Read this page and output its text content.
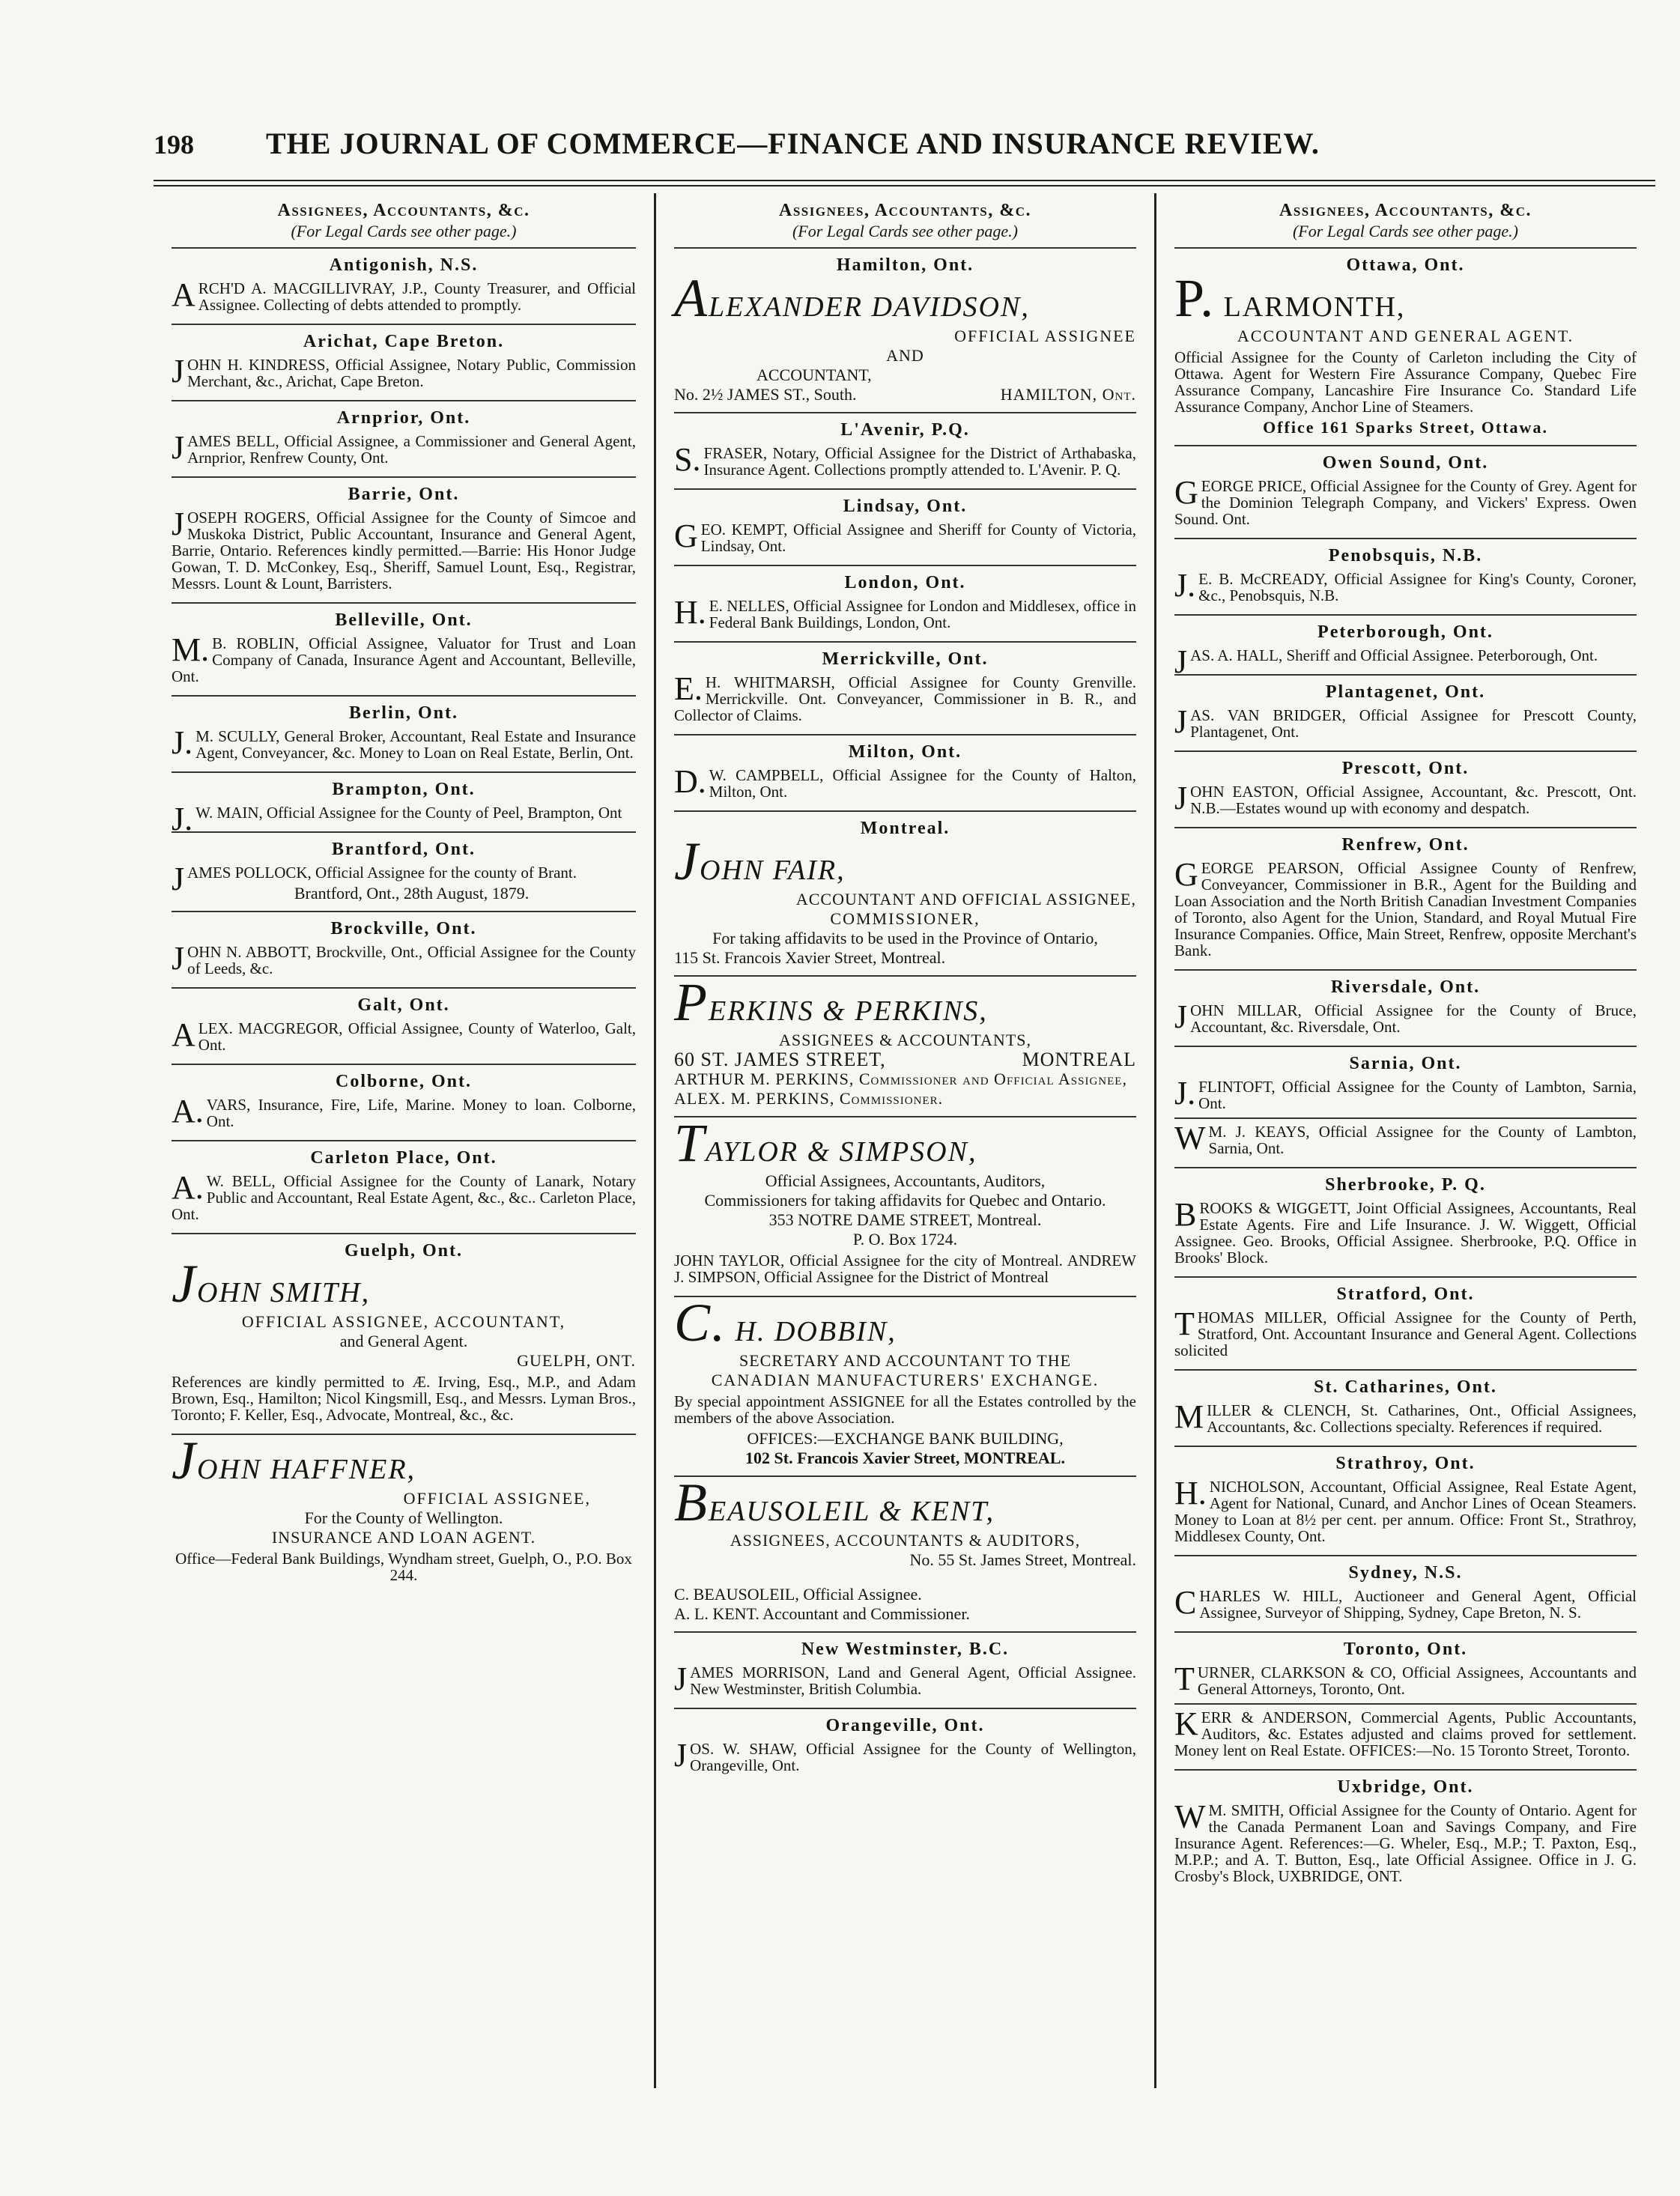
198	THE JOURNAL OF COMMERCE—FINANCE AND INSURANCE REVIEW.
Assignees, Accountants, &c.
(For Legal Cards see other page.)
Antigonish, N.S.
ARCH'D A. MACGILLIVRAY, J.P., County Treasurer, and Official Assignee. Collecting of debts attended to promptly.
Arichat, Cape Breton.
JOHN H. KINDRESS, Official Assignee, Notary Public, Commission Merchant, &c., Arichat, Cape Breton.
Arnprior, Ont.
JAMES BELL, Official Assignee, a Commissioner and General Agent, Arnprior, Renfrew County, Ont.
Barrie, Ont.
JOSEPH ROGERS, Official Assignee for the County of Simcoe and Muskoka District, Public Accountant, Insurance and General Agent, Barrie, Ontario. References kindly permitted.—Barrie: His Honor Judge Gowan, T. D. McConkey, Esq., Sheriff, Samuel Lount, Esq., Registrar, Messrs. Lount & Lount, Barristers.
Belleville, Ont.
M.B. ROBLIN, Official Assignee, Valuator for Trust and Loan Company of Canada, Insurance Agent and Accountant, Belleville, Ont.
Berlin, Ont.
J.M. SCULLY, General Broker, Accountant, Real Estate and Insurance Agent, Conveyancer, &c. Money to Loan on Real Estate, Berlin, Ont.
Brampton, Ont.
J.W. MAIN, Official Assignee for the County of Peel, Brampton, Ont
Brantford, Ont.
JAMES POLLOCK, Official Assignee for the county of Brant.
Brantford, Ont., 28th August, 1879.
Brockville, Ont.
JOHN N. ABBOTT, Brockville, Ont., Official Assignee for the County of Leeds, &c.
Galt, Ont.
ALEX. MACGREGOR, Official Assignee, County of Waterloo, Galt, Ont.
Colborne, Ont.
A.VARS, Insurance, Fire, Life, Marine. Money to loan. Colborne, Ont.
Carleton Place, Ont.
A.W. BELL, Official Assignee for the County of Lanark, Notary Public and Accountant, Real Estate Agent, &c., &c.. Carleton Place, Ont.
Guelph, Ont.
JOHN SMITH,
OFFICIAL ASSIGNEE, ACCOUNTANT,
and General Agent.
GUELPH, ONT.
References are kindly permitted to Æ. Irving, Esq., M.P., and Adam Brown, Esq., Hamilton; Nicol Kingsmill, Esq., and Messrs. Lyman Bros., Toronto; F. Keller, Esq., Advocate, Montreal, &c., &c.
JOHN HAFFNER,
OFFICIAL ASSIGNEE,
For the County of Wellington.
INSURANCE AND LOAN AGENT.
Office—Federal Bank Buildings, Wyndham street, Guelph, O., P.O. Box 244.
Assignees, Accountants, &c.
(For Legal Cards see other page.)
Hamilton, Ont.
ALEXANDER DAVIDSON,
OFFICIAL ASSIGNEE
AND
ACCOUNTANT,
No. 2½ JAMES ST., South.	HAMILTON, Ont.
L'Avenir, P.Q.
S.FRASER, Notary, Official Assignee for the District of Arthabaska, Insurance Agent. Collections promptly attended to. L'Avenir. P. Q.
Lindsay, Ont.
GEO. KEMPT, Official Assignee and Sheriff for County of Victoria, Lindsay, Ont.
London, Ont.
H.E. NELLES, Official Assignee for London and Middlesex, office in Federal Bank Buildings, London, Ont.
Merrickville, Ont.
E.H. WHITMARSH, Official Assignee for County Grenville. Merrickville. Ont. Conveyancer, Commissioner in B. R., and Collector of Claims.
Milton, Ont.
D.W. CAMPBELL, Official Assignee for the County of Halton, Milton, Ont.
Montreal.
JOHN FAIR,
ACCOUNTANT AND OFFICIAL ASSIGNEE,
COMMISSIONER,
For taking affidavits to be used in the Province of Ontario,
115 St. Francois Xavier Street, Montreal.
PERKINS & PERKINS,
ASSIGNEES & ACCOUNTANTS,
60 ST. JAMES STREET,	MONTREAL
ARTHUR M. PERKINS, Commissioner and Official Assignee,
ALEX. M. PERKINS, Commissioner.
TAYLOR & SIMPSON,
Official Assignees, Accountants, Auditors,
Commissioners for taking affidavits for Quebec and Ontario.
353 NOTRE DAME STREET, Montreal.
P. O. Box 1724.
JOHN TAYLOR, Official Assignee for the city of Montreal. ANDREW J. SIMPSON, Official Assignee for the District of Montreal
C. H. DOBBIN,
SECRETARY AND ACCOUNTANT TO THE
CANADIAN MANUFACTURERS' EXCHANGE.
By special appointment ASSIGNEE for all the Estates controlled by the members of the above Association.
OFFICES:—EXCHANGE BANK BUILDING,
102 St. Francois Xavier Street, MONTREAL.
BEAUSOLEIL & KENT,
ASSIGNEES, ACCOUNTANTS & AUDITORS,
No. 55 St. James Street, Montreal.
C. BEAUSOLEIL, Official Assignee.
A. L. KENT. Accountant and Commissioner.
New Westminster, B.C.
JAMES MORRISON, Land and General Agent, Official Assignee. New Westminster, British Columbia.
Orangeville, Ont.
JOS. W. SHAW, Official Assignee for the County of Wellington, Orangeville, Ont.
Assignees, Accountants, &c.
(For Legal Cards see other page.)
Ottawa, Ont.
P. LARMONTH,
ACCOUNTANT AND GENERAL AGENT.
Official Assignee for the County of Carleton including the City of Ottawa. Agent for Western Fire Assurance Company, Quebec Fire Assurance Company, Lancashire Fire Insurance Co. Standard Life Assurance Company, Anchor Line of Steamers.
Office 161 Sparks Street, Ottawa.
Owen Sound, Ont.
GEORGE PRICE, Official Assignee for the County of Grey. Agent for the Dominion Telegraph Company, and Vickers' Express. Owen Sound. Ont.
Penobsquis, N.B.
J.E. B. McCREADY, Official Assignee for King's County, Coroner, &c., Penobsquis, N.B.
Peterborough, Ont.
JAS. A. HALL, Sheriff and Official Assignee. Peterborough, Ont.
Plantagenet, Ont.
JAS. VAN BRIDGER, Official Assignee for Prescott County, Plantagenet, Ont.
Prescott, Ont.
JOHN EASTON, Official Assignee, Accountant, &c. Prescott, Ont. N.B.—Estates wound up with economy and despatch.
Renfrew, Ont.
GEORGE PEARSON, Official Assignee County of Renfrew, Conveyancer, Commissioner in B.R., Agent for the Building and Loan Association and the North British Canadian Investment Companies of Toronto, also Agent for the Union, Standard, and Royal Mutual Fire Insurance Companies. Office, Main Street, Renfrew, opposite Merchant's Bank.
Riversdale, Ont.
JOHN MILLAR, Official Assignee for the County of Bruce, Accountant, &c. Riversdale, Ont.
Sarnia, Ont.
J.FLINTOFT, Official Assignee for the County of Lambton, Sarnia, Ont.
WM. J. KEAYS, Official Assignee for the County of Lambton, Sarnia, Ont.
Sherbrooke, P. Q.
BROOKS & WIGGETT, Joint Official Assignees, Accountants, Real Estate Agents. Fire and Life Insurance. J. W. Wiggett, Official Assignee. Geo. Brooks, Official Assignee. Sherbrooke, P.Q. Office in Brooks' Block.
Stratford, Ont.
THOMAS MILLER, Official Assignee for the County of Perth, Stratford, Ont. Accountant Insurance and General Agent. Collections solicited
St. Catharines, Ont.
MILLER & CLENCH, St. Catharines, Ont., Official Assignees, Accountants, &c. Collections specialty. References if required.
Strathroy, Ont.
H.NICHOLSON, Accountant, Official Assignee, Real Estate Agent, Agent for National, Cunard, and Anchor Lines of Ocean Steamers. Money to Loan at 8½ per cent. per annum. Office: Front St., Strathroy, Middlesex County, Ont.
Sydney, N.S.
CHARLES W. HILL, Auctioneer and General Agent, Official Assignee, Surveyor of Shipping, Sydney, Cape Breton, N. S.
Toronto, Ont.
TURNER, CLARKSON & CO, Official Assignees, Accountants and General Attorneys, Toronto, Ont.
KERR & ANDERSON, Commercial Agents, Public Accountants, Auditors, &c. Estates adjusted and claims proved for settlement. Money lent on Real Estate. OFFICES:—No. 15 Toronto Street, Toronto.
Uxbridge, Ont.
WM. SMITH, Official Assignee for the County of Ontario. Agent for the Canada Permanent Loan and Savings Company, and Fire Insurance Agent. References:—G. Wheler, Esq., M.P.; T. Paxton, Esq., M.P.P.; and A. T. Button, Esq., late Official Assignee. Office in J. G. Crosby's Block, UXBRIDGE, ONT.
